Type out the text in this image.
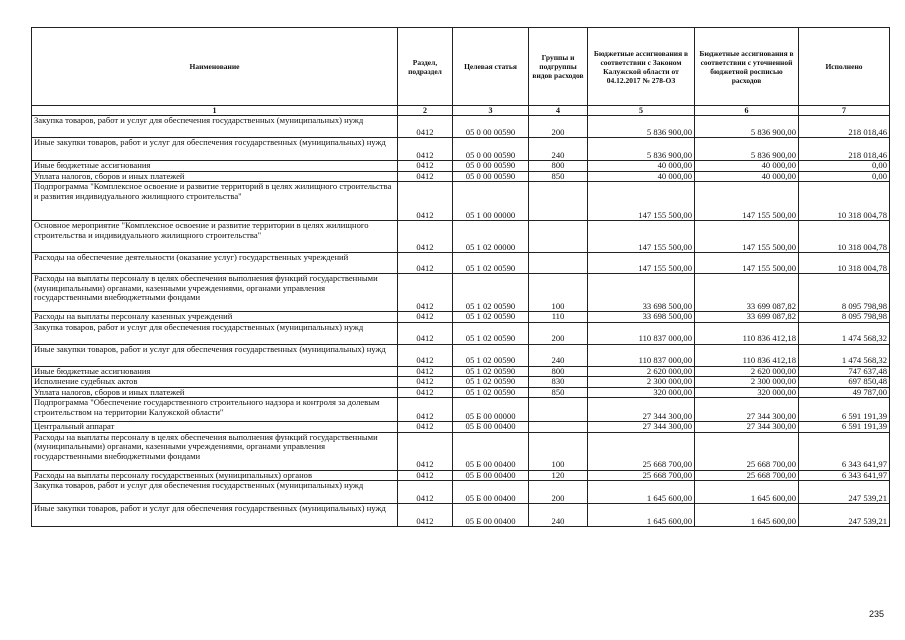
Наименование	Раздел, подраздел	Целевая статья	Группы и подгруппы видов расходов	Бюджетные ассигнования в соответствии с Законом Калужской области от 04.12.2017 № 278-ОЗ	Бюджетные ассигнования в соответствии с уточненной бюджетной росписью расходов	Исполнено
1	2	3	4	5	6	7
Закупка товаров, работ и услуг для обеспечения государственных (муниципальных) нужд	0412	05 0 00 00590	200	5 836 900,00	5 836 900,00	218 018,46
Иные закупки товаров, работ и услуг для обеспечения государственных (муниципальных) нужд	0412	05 0 00 00590	240	5 836 900,00	5 836 900,00	218 018,46
Иные бюджетные ассигнования	0412	05 0 00 00590	800	40 000,00	40 000,00	0,00
Уплата налогов, сборов и иных платежей	0412	05 0 00 00590	850	40 000,00	40 000,00	0,00
Подпрограмма "Комплексное освоение и развитие территорий в целях жилищного строительства и развития индивидуального жилищного строительства"	0412	05 1 00 00000		147 155 500,00	147 155 500,00	10 318 004,78
Основное мероприятие "Комплексное освоение и развитие территории в целях жилищного строительства и индивидуального жилищного строительства"	0412	05 1 02 00000		147 155 500,00	147 155 500,00	10 318 004,78
Расходы на обеспечение деятельности (оказание услуг) государственных учреждений	0412	05 1 02 00590		147 155 500,00	147 155 500,00	10 318 004,78
Расходы на выплаты персоналу в целях обеспечения выполнения функций государственными (муниципальными) органами, казенными учреждениями, органами управления государственными внебюджетными фондами	0412	05 1 02 00590	100	33 698 500,00	33 699 087,82	8 095 798,98
Расходы на выплаты персоналу казенных учреждений	0412	05 1 02 00590	110	33 698 500,00	33 699 087,82	8 095 798,98
Закупка товаров, работ и услуг для обеспечения государственных (муниципальных) нужд	0412	05 1 02 00590	200	110 837 000,00	110 836 412,18	1 474 568,32
Иные закупки товаров, работ и услуг для обеспечения государственных (муниципальных) нужд	0412	05 1 02 00590	240	110 837 000,00	110 836 412,18	1 474 568,32
Иные бюджетные ассигнования	0412	05 1 02 00590	800	2 620 000,00	2 620 000,00	747 637,48
Исполнение судебных актов	0412	05 1 02 00590	830	2 300 000,00	2 300 000,00	697 850,48
Уплата налогов, сборов и иных платежей	0412	05 1 02 00590	850	320 000,00	320 000,00	49 787,00
Подпрограмма "Обеспечение государственного строительного надзора и контроля за долевым строительством на территории Калужской области"	0412	05 Б 00 00000		27 344 300,00	27 344 300,00	6 591 191,39
Центральный аппарат	0412	05 Б 00 00400		27 344 300,00	27 344 300,00	6 591 191,39
Расходы на выплаты персоналу в целях обеспечения выполнения функций государственными (муниципальными) органами, казенными учреждениями, органами управления государственными внебюджетными фондами	0412	05 Б 00 00400	100	25 668 700,00	25 668 700,00	6 343 641,97
Расходы на выплаты персоналу государственных (муниципальных) органов	0412	05 Б 00 00400	120	25 668 700,00	25 668 700,00	6 343 641,97
Закупка товаров, работ и услуг для обеспечения государственных (муниципальных) нужд	0412	05 Б 00 00400	200	1 645 600,00	1 645 600,00	247 539,21
Иные закупки товаров, работ и услуг для обеспечения государственных (муниципальных) нужд	0412	05 Б 00 00400	240	1 645 600,00	1 645 600,00	247 539,21
235
